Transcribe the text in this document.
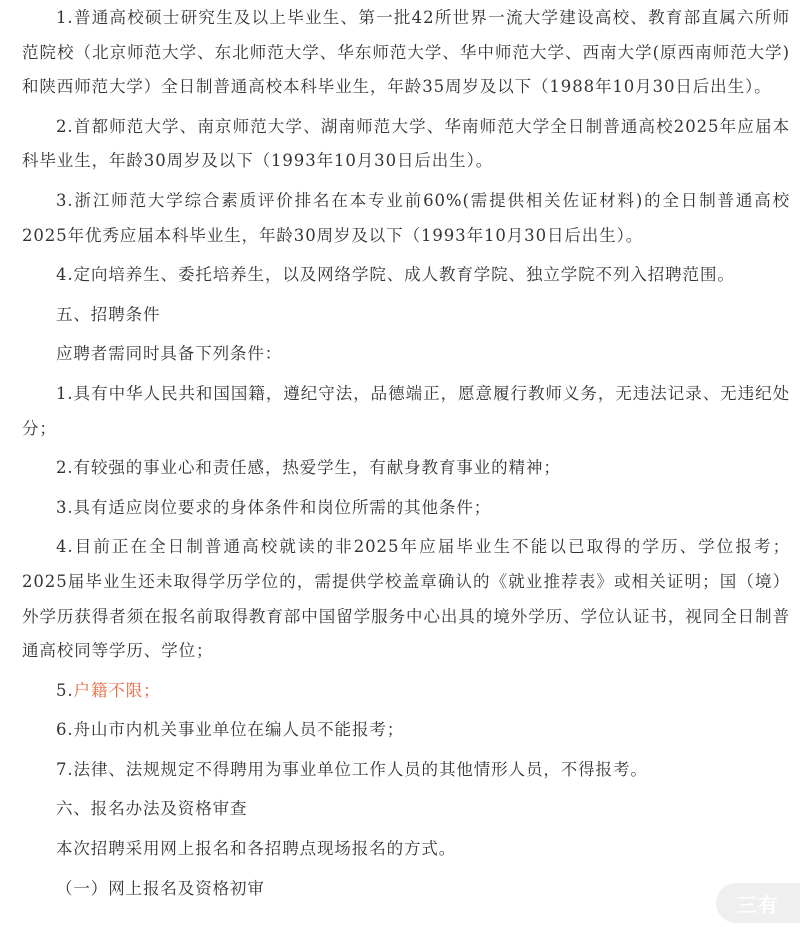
1.普通高校硕士研究生及以上毕业生、第一批42所世界一流大学建设高校、教育部直属六所师范院校（北京师范大学、东北师范大学、华东师范大学、华中师范大学、西南大学(原西南师范大学)和陕西师范大学）全日制普通高校本科毕业生，年龄35周岁及以下（1988年10月30日后出生）。

2.首都师范大学、南京师范大学、湖南师范大学、华南师范大学全日制普通高校2025年应届本科毕业生，年龄30周岁及以下（1993年10月30日后出生）。

3.浙江师范大学综合素质评价排名在本专业前60%(需提供相关佐证材料)的全日制普通高校2025年优秀应届本科毕业生，年龄30周岁及以下（1993年10月30日后出生）。

4.定向培养生、委托培养生，以及网络学院、成人教育学院、独立学院不列入招聘范围。

五、招聘条件

应聘者需同时具备下列条件：

1.具有中华人民共和国国籍，遵纪守法，品德端正，愿意履行教师义务，无违法记录、无违纪处分；

2.有较强的事业心和责任感，热爱学生，有献身教育事业的精神；

3.具有适应岗位要求的身体条件和岗位所需的其他条件；

4.目前正在全日制普通高校就读的非2025年应届毕业生不能以已取得的学历、学位报考；2025届毕业生还未取得学历学位的，需提供学校盖章确认的《就业推荐表》或相关证明；国（境）外学历获得者须在报名前取得教育部中国留学服务中心出具的境外学历、学位认证书，视同全日制普通高校同等学历、学位；

5.户籍不限；

6.舟山市内机关事业单位在编人员不能报考；

7.法律、法规规定不得聘用为事业单位工作人员的其他情形人员，不得报考。

六、报名办法及资格审查

本次招聘采用网上报名和各招聘点现场报名的方式。

（一）网上报名及资格初审

三有
